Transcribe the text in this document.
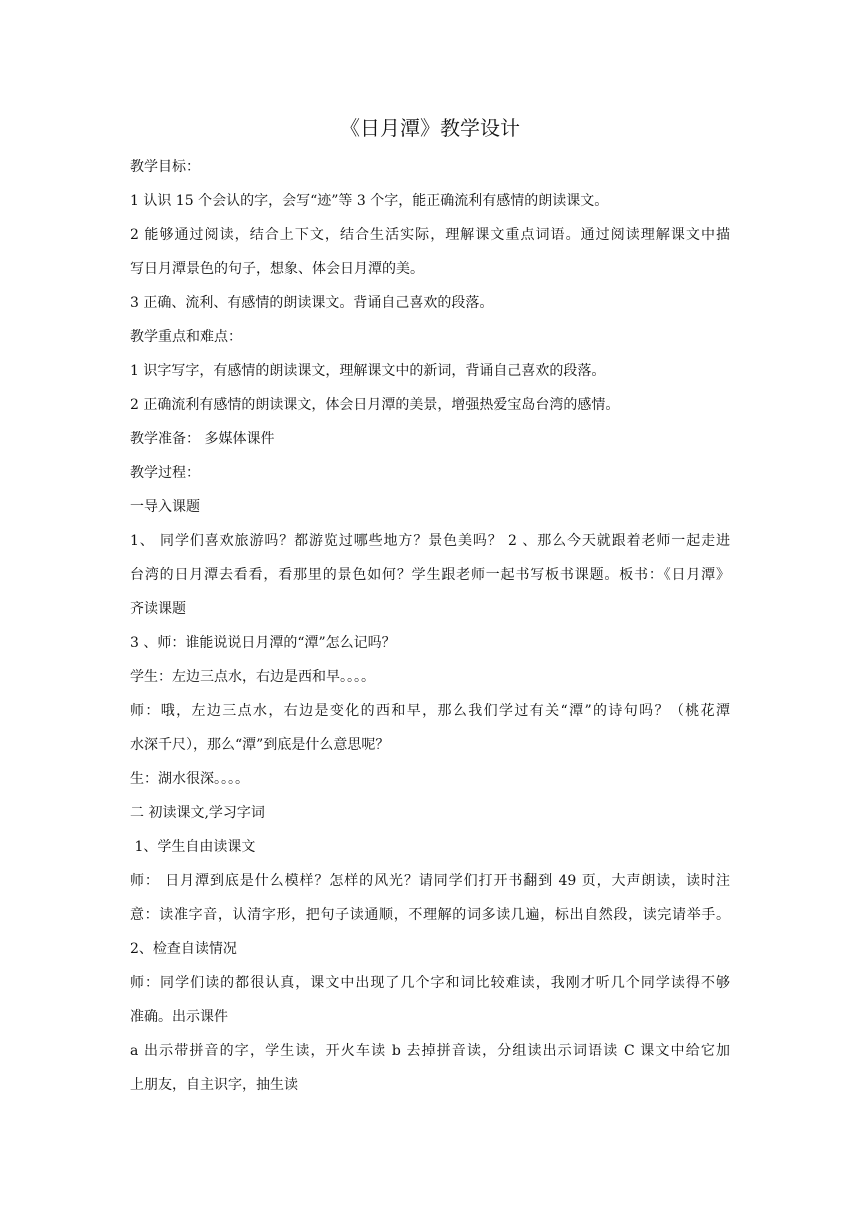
《日月潭》教学设计
教学目标：
1 认识 15 个会认的字，会写“迹”等 3 个字，能正确流利有感情的朗读课文。
2 能够通过阅读，结合上下文，结合生活实际，理解课文重点词语。通过阅读理解课文中描
写日月潭景色的句子，想象、体会日月潭的美。
3 正确、流利、有感情的朗读课文。背诵自己喜欢的段落。
教学重点和难点：
1 识字写字，有感情的朗读课文，理解课文中的新词，背诵自己喜欢的段落。
2 正确流利有感情的朗读课文，体会日月潭的美景，增强热爱宝岛台湾的感情。
教学准备： 多媒体课件
教学过程：
一导入课题
1、 同学们喜欢旅游吗？都游览过哪些地方？景色美吗？ 2 、那么今天就跟着老师一起走进
台湾的日月潭去看看，看那里的景色如何？学生跟老师一起书写板书课题。板书：《日月潭》
齐读课题
3 、师：谁能说说日月潭的“潭”怎么记吗？
学生：左边三点水，右边是西和早。。。。
师：哦，左边三点水，右边是变化的西和早，那么我们学过有关“潭”的诗句吗？（桃花潭
水深千尺），那么“潭”到底是什么意思呢？
生：湖水很深。。。。
二 初读课文,学习字词
1、学生自由读课文
师： 日月潭到底是什么模样？怎样的风光？请同学们打开书翻到 49 页，大声朗读，读时注
意：读准字音，认清字形，把句子读通顺，不理解的词多读几遍，标出自然段，读完请举手。
2、检查自读情况
师：同学们读的都很认真，课文中出现了几个字和词比较难读，我刚才听几个同学读得不够
准确。出示课件
a 出示带拼音的字，学生读，开火车读 b 去掉拼音读，分组读出示词语读 C 课文中给它加
上朋友，自主识字，抽生读
